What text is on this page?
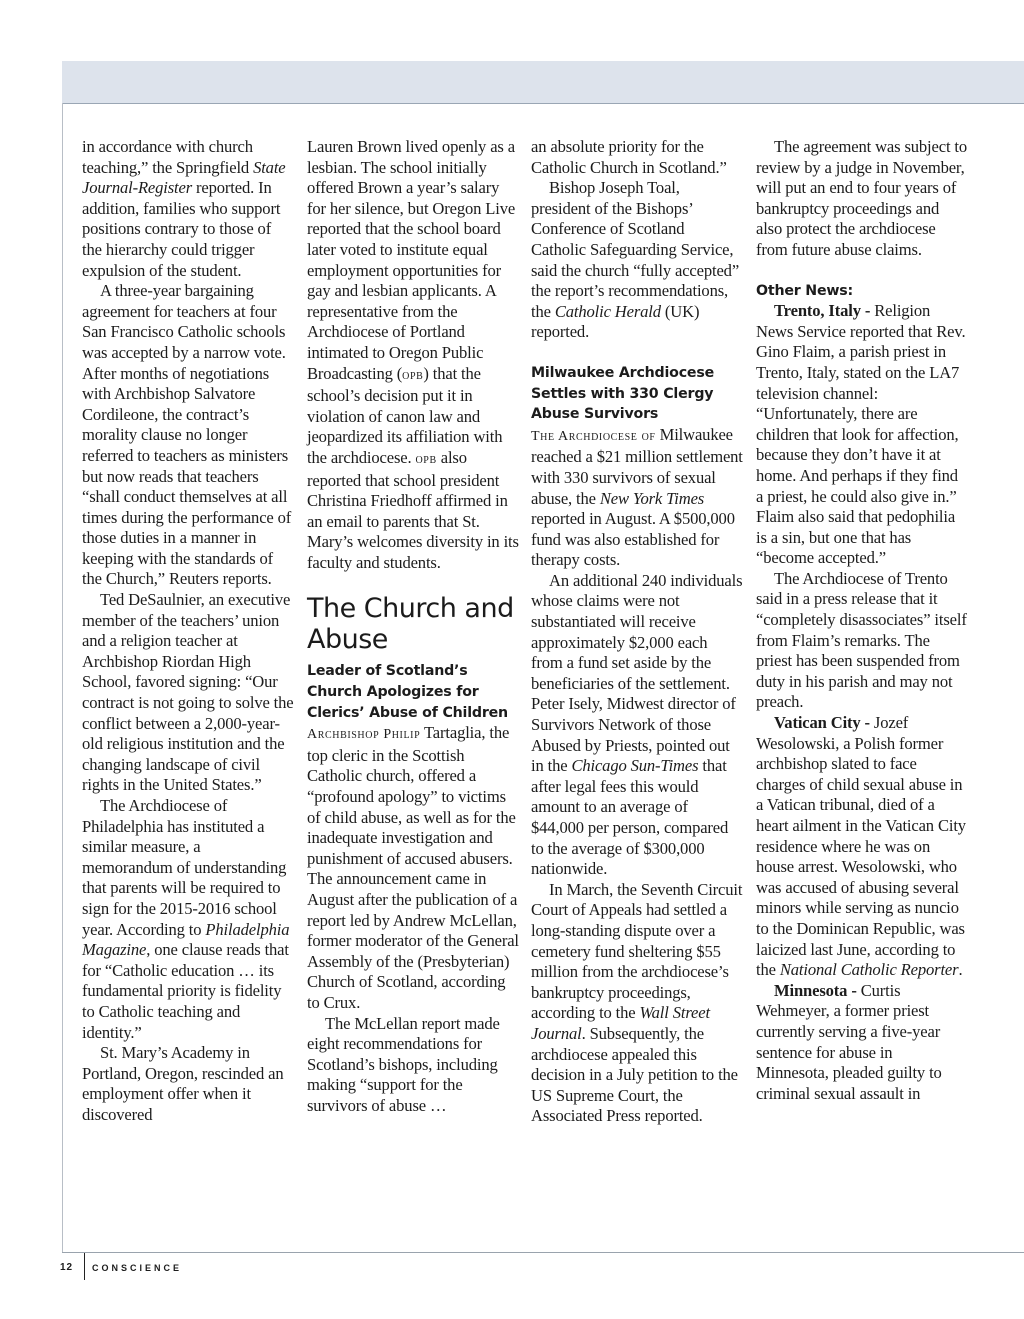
in accordance with church teaching,” the Springfield State Journal-Register reported. In addition, families who support positions contrary to those of the hierarchy could trigger expulsion of the student.

A three-year bargaining agreement for teachers at four San Francisco Catholic schools was accepted by a narrow vote. After months of negotiations with Archbishop Salvatore Cordileone, the contract’s morality clause no longer referred to teachers as ministers but now reads that teachers “shall conduct themselves at all times during the performance of those duties in a manner in keeping with the standards of the Church,” Reuters reports.

Ted DeSaulnier, an executive member of the teachers’ union and a religion teacher at Archbishop Riordan High School, favored signing: “Our contract is not going to solve the conflict between a 2,000-year-old religious institution and the changing landscape of civil rights in the United States.”

The Archdiocese of Philadelphia has instituted a similar measure, a memorandum of understanding that parents will be required to sign for the 2015-2016 school year. According to Philadelphia Magazine, one clause reads that for “Catholic education … its fundamental priority is fidelity to Catholic teaching and identity.”

St. Mary’s Academy in Portland, Oregon, rescinded an employment offer when it discovered

Lauren Brown lived openly as a lesbian. The school initially offered Brown a year’s salary for her silence, but Oregon Live reported that the school board later voted to institute equal employment opportunities for gay and lesbian applicants. A representative from the Archdiocese of Portland intimated to Oregon Public Broadcasting (opb) that the school’s decision put it in violation of canon law and jeopardized its affiliation with the archdiocese. opb also reported that school president Christina Friedhoff affirmed in an email to parents that St. Mary’s welcomes diversity in its faculty and students.

The Church and Abuse
Leader of Scotland’s Church Apologizes for Clerics’ Abuse of Children

Archbishop Philip Tartaglia, the top cleric in the Scottish Catholic church, offered a “profound apology” to victims of child abuse, as well as for the inadequate investigation and punishment of accused abusers. The announcement came in August after the publication of a report led by Andrew McLellan, former moderator of the General Assembly of the (Presbyterian) Church of Scotland, according to Crux.

The McLellan report made eight recommendations for Scotland’s bishops, including making “support for the survivors of abuse …

an absolute priority for the Catholic Church in Scotland.”

Bishop Joseph Toal, president of the Bishops’ Conference of Scotland Catholic Safeguarding Service, said the church “fully accepted” the report’s recommendations, the Catholic Herald (UK) reported.

Milwaukee Archdiocese Settles with 330 Clergy Abuse Survivors

The Archdiocese of Milwaukee reached a $21 million settlement with 330 survivors of sexual abuse, the New York Times reported in August. A $500,000 fund was also established for therapy costs.

An additional 240 individuals whose claims were not substantiated will receive approximately $2,000 each from a fund set aside by the beneficiaries of the settlement. Peter Isely, Midwest director of Survivors Network of those Abused by Priests, pointed out in the Chicago Sun-Times that after legal fees this would amount to an average of $44,000 per person, compared to the average of $300,000 nationwide.

In March, the Seventh Circuit Court of Appeals had settled a long-standing dispute over a cemetery fund sheltering $55 million from the archdiocese’s bankruptcy proceedings, according to the Wall Street Journal. Subsequently, the archdiocese appealed this decision in a July petition to the US Supreme Court, the Associated Press reported.

The agreement was subject to review by a judge in November, will put an end to four years of bankruptcy proceedings and also protect the archdiocese from future abuse claims.

Other News:

Trento, Italy - Religion News Service reported that Rev. Gino Flaim, a parish priest in Trento, Italy, stated on the LA7 television channel: “Unfortunately, there are children that look for affection, because they don’t have it at home. And perhaps if they find a priest, he could also give in.” Flaim also said that pedophilia is a sin, but one that has “become accepted.”

The Archdiocese of Trento said in a press release that it “completely disassociates” itself from Flaim’s remarks. The priest has been suspended from duty in his parish and may not preach.

Vatican City - Jozef Wesolowski, a Polish former archbishop slated to face charges of child sexual abuse in a Vatican tribunal, died of a heart ailment in the Vatican City residence where he was on house arrest. Wesolowski, who was accused of abusing several minors while serving as nuncio to the Dominican Republic, was laicized last June, according to the National Catholic Reporter.

Minnesota - Curtis Wehmeyer, a former priest currently serving a five-year sentence for abuse in Minnesota, pleaded guilty to criminal sexual assault in

12 CONSCIENCE
